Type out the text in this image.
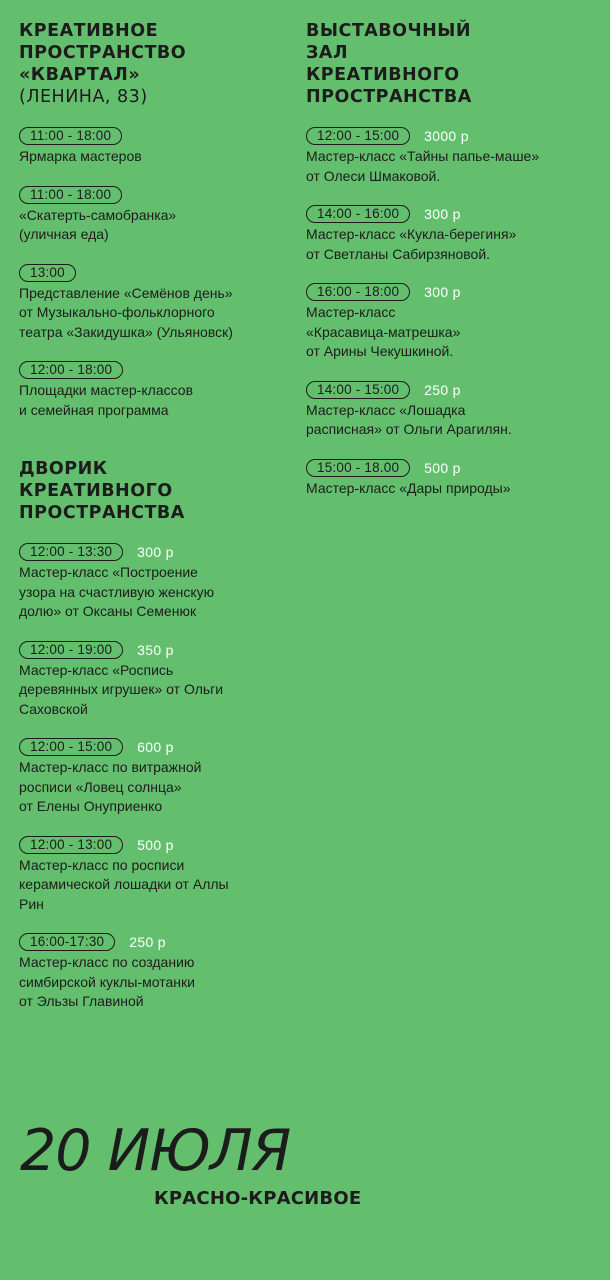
КРЕАТИВНОЕ
ПРОСТРАНСТВО
«КВАРТАЛ»
(ЛЕНИНА, 83)
11:00 - 18:00
Ярмарка мастеров
11:00 - 18:00
«Скатерть-самобранка»
(уличная еда)
13:00
Представление «Семёнов день»
от Музыкально-фольклорного
театра «Закидушка» (Ульяновск)
12:00 - 18:00
Площадки мастер-классов
и семейная программа
ДВОРИК
КРЕАТИВНОГО
ПРОСТРАНСТВА
12:00 - 13:30	300 р
Мастер-класс «Построение
узора на счастливую женскую
долю» от Оксаны Семенюк
12:00 - 19:00	350 р
Мастер-класс «Роспись
деревянных игрушек» от Ольги
Саховской
12:00 - 15:00	600 р
Мастер-класс по витражной
росписи «Ловец солнца»
от Елены Онуприенко
12:00 - 13:00	500 р
Мастер-класс по росписи
керамической лошадки от Аллы
Рин
16:00-17:30	250 р
Мастер-класс по созданию
симбирской куклы-мотанки
от Эльзы Главиной
ВЫСТАВОЧНЫЙ
ЗАЛ
КРЕАТИВНОГО
ПРОСТРАНСТВА
12:00 - 15:00	3000 р
Мастер-класс «Тайны папье-маше»
от Олеси Шмаковой.
14:00 - 16:00	300 р
Мастер-класс «Кукла-берегиня»
от Светланы Сабирзяновой.
16:00 - 18:00	300 р
Мастер-класс
«Красавица-матрешка»
от Арины Чекушкиной.
14:00 - 15:00	250 р
Мастер-класс «Лошадка
расписная» от Ольги Арагилян.
15:00 - 18.00	500 р
Мастер-класс «Дары природы»
20 ИЮЛЯ
КРАСНО-КРАСИВОЕ
